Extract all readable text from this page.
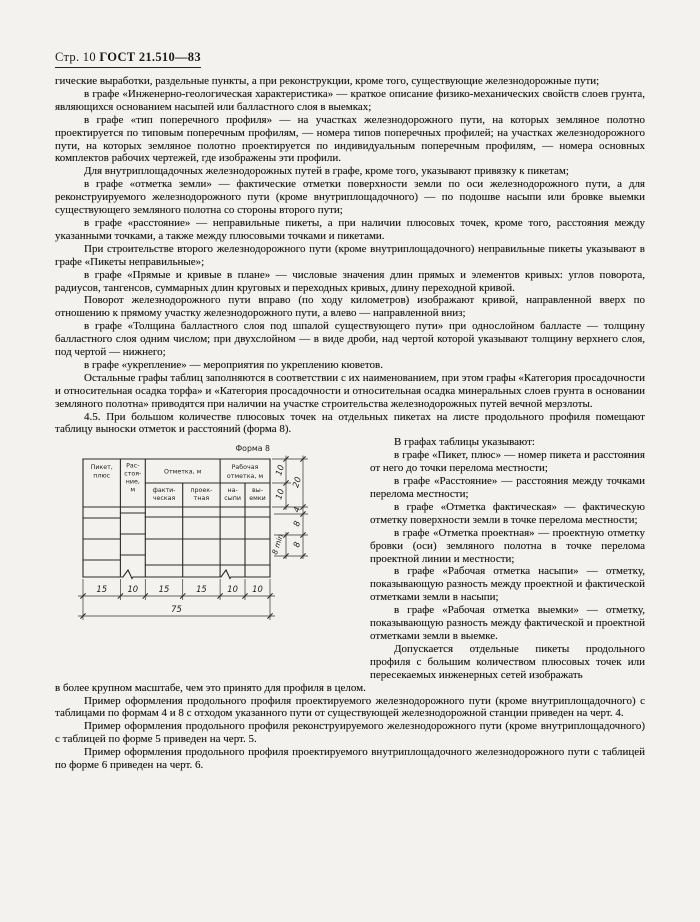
Стр. 10 ГОСТ 21.510—83

гические выработки, раздельные пункты, а при реконструкции, кроме того, существующие железнодорожные пути;

в графе «Инженерно-геологическая характеристика» — краткое описание физико-механических свойств слоев грунта, являющихся основанием насыпей или балластного слоя в выемках;

в графе «тип поперечного профиля» — на участках железнодорожного пути, на которых земляное полотно проектируется по типовым поперечным профилям, — номера типов поперечных профилей; на участках железнодорожного пути, на которых земляное полотно проектируется по индивидуальным поперечным профилям, — номера основных комплектов рабочих чертежей, где изображены эти профили.

Для внутриплощадочных железнодорожных путей в графе, кроме того, указывают привязку к пикетам;

в графе «отметка земли» — фактические отметки поверхности земли по оси железнодорожного пути, а для реконструируемого железнодорожного пути (кроме внутриплощадочного) — по подошве насыпи или бровке выемки существующего земляного полотна со стороны второго пути;

в графе «расстояние» — неправильные пикеты, а при наличии плюсовых точек, кроме того, расстояния между указанными точками, а также между плюсовыми точками и пикетами.

При строительстве второго железнодорожного пути (кроме внутриплощадочного) неправильные пикеты указывают в графе «Пикеты неправильные»;

в графе «Прямые и кривые в плане» — числовые значения длин прямых и элементов кривых: углов поворота, радиусов, тангенсов, суммарных длин круговых и переходных кривых, длину переходной кривой.

Поворот железнодорожного пути вправо (по ходу километров) изображают кривой, направленной вверх по отношению к прямому участку железнодорожного пути, а влево — направленной вниз;

в графе «Толщина балластного слоя под шпалой существующего пути» при однослойном балласте — толщину балластного слоя одним числом; при двухслойном — в виде дроби, над чертой которой указывают толщину верхнего слоя, под чертой — нижнего;

в графе «укрепление» — мероприятия по укреплению кюветов.

Остальные графы таблиц заполняются в соответствии с их наименованием, при этом графы «Категория просадочности и относительная осадка торфа» и «Категория просадочности и относительная осадка минеральных слоев грунта в основании земляного полотна» приводятся при наличии на участке строительства железнодорожных путей вечной мерзлоты.

4.5. При большом количестве плюсовых точек на отдельных пикетах на листе продольного профиля помещают таблицу выноски отметок и расстояний (форма 8).

Форма 8
Пикет,
плюс
Рас-
стоя-
ние,
м
Отметка, м
Рабочая
отметка, м
факти-
ческая
проек-
тная
на-
сыпи
вы-
емки
15 10 15	15 10 10
75
10
10
20
4
8
8
8 min

В графах таблицы указывают:

в графе «Пикет, плюс» — номер пикета и расстояния от него до точки перелома местности;

в графе «Расстояние» — расстояния между точками перелома местности;

в графе «Отметка фактическая» — фактическую отметку поверхности земли в точке перелома местности;

в графе «Отметка проектная» — проектную отметку бровки (оси) земляного полотна в точке перелома проектной линии и местности;

в графе «Рабочая отметка насыпи» — отметку, показывающую разность между проектной и фактической отметками земли в насыпи;

в графе «Рабочая отметка выемки» — отметку, показывающую разность между фактической и проектной отметками земли в выемке.

Допускается отдельные пикеты продольного профиля с большим количеством плюсовых точек или пересекаемых инженерных сетей изображать

в более крупном масштабе, чем это принято для профиля в целом.

Пример оформления продольного профиля проектируемого железнодорожного пути (кроме внутриплощадочного) с таблицами по формам 4 и 8 с отходом указанного пути от существующей железнодорожной станции приведен на черт. 4.

Пример оформления продольного профиля реконструируемого железнодорожного пути (кроме внутриплощадочного) с таблицей по форме 5 приведен на черт. 5.

Пример оформления продольного профиля проектируемого внутриплощадочного железнодорожного пути с таблицей по форме 6 приведен на черт. 6.
